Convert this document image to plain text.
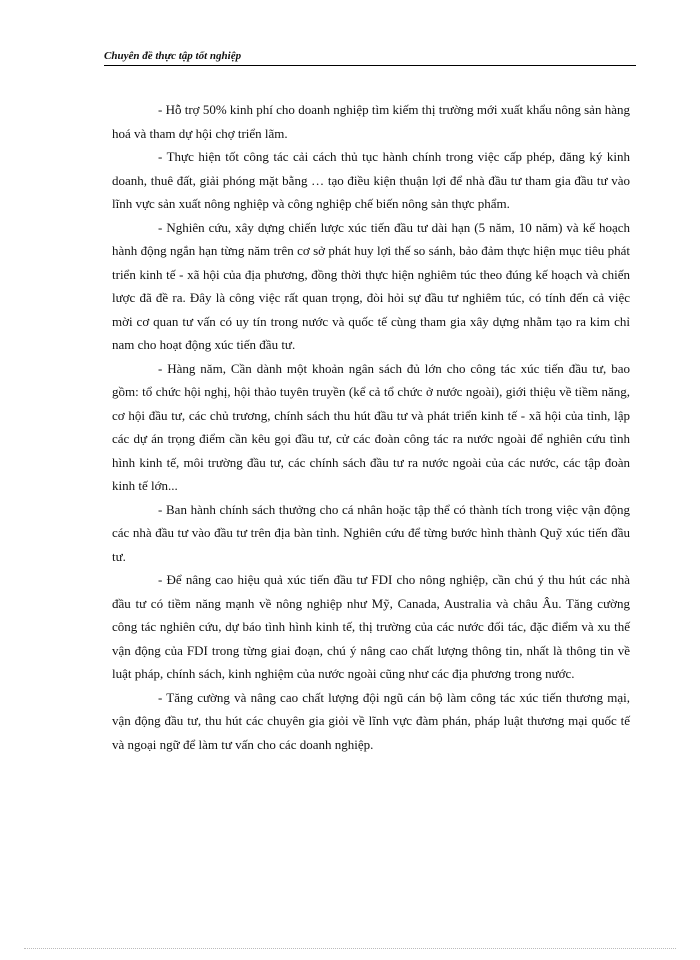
Chuyên đề thực tập tốt nghiệp

- Hỗ trợ 50% kinh phí cho doanh nghiệp tìm kiếm thị trường mới xuất khẩu nông sản hàng hoá và tham dự hội chợ triển lãm.

- Thực hiện tốt công tác cải cách thủ tục hành chính trong việc cấp phép, đăng ký kinh doanh, thuê đất, giải phóng mặt bằng … tạo điều kiện thuận lợi để nhà đầu tư tham gia đầu tư vào lĩnh vực sản xuất nông nghiệp và công nghiệp chế biến nông sản thực phẩm.

- Nghiên cứu, xây dựng chiến lược xúc tiến đầu tư dài hạn (5 năm, 10 năm) và kế hoạch hành động ngắn hạn từng năm trên cơ sở phát huy lợi thế so sánh, bảo đảm thực hiện mục tiêu phát triển kinh tế - xã hội của địa phương, đồng thời thực hiện nghiêm túc theo đúng kế hoạch và chiến lược đã đề ra. Đây là công việc rất quan trọng, đòi hỏi sự đầu tư nghiêm túc, có tính đến cả việc mời cơ quan tư vấn có uy tín trong nước và quốc tế cùng tham gia xây dựng nhằm tạo ra kim chỉ nam cho hoạt động xúc tiến đầu tư.

- Hàng năm, Cần dành một khoản ngân sách đủ lớn cho công tác xúc tiến đầu tư, bao gồm: tổ chức hội nghị, hội thảo tuyên truyền (kể cả tổ chức ở nước ngoài), giới thiệu về tiềm năng, cơ hội đầu tư, các chủ trương, chính sách thu hút đầu tư và phát triển kinh tế - xã hội của tỉnh, lập các dự án trọng điểm cần kêu gọi đầu tư, cử các đoàn công tác ra nước ngoài để nghiên cứu tình hình kinh tế, môi trường đầu tư, các chính sách đầu tư ra nước ngoài của các nước, các tập đoàn kinh tế lớn...

- Ban hành chính sách thưởng cho cá nhân hoặc tập thể có thành tích trong việc vận động các nhà đầu tư vào đầu tư trên địa bàn tỉnh. Nghiên cứu để từng bước hình thành Quỹ xúc tiến đầu tư.

- Để nâng cao hiệu quả xúc tiến đầu tư FDI cho nông nghiệp, cần chú ý thu hút các nhà đầu tư có tiềm năng mạnh về nông nghiệp như Mỹ, Canada, Australia và châu Âu. Tăng cường công tác nghiên cứu, dự báo tình hình kinh tế, thị trường của các nước đối tác, đặc điểm và xu thế vận động của FDI trong từng giai đoạn, chú ý nâng cao chất lượng thông tin, nhất là thông tin về luật pháp, chính sách, kinh nghiệm của nước ngoài cũng như các địa phương trong nước.

- Tăng cường và nâng cao chất lượng đội ngũ cán bộ làm công tác xúc tiến thương mại, vận động đầu tư, thu hút các chuyên gia giỏi về lĩnh vực đàm phán, pháp luật thương mại quốc tế và ngoại ngữ để làm tư vấn cho các doanh nghiệp.
